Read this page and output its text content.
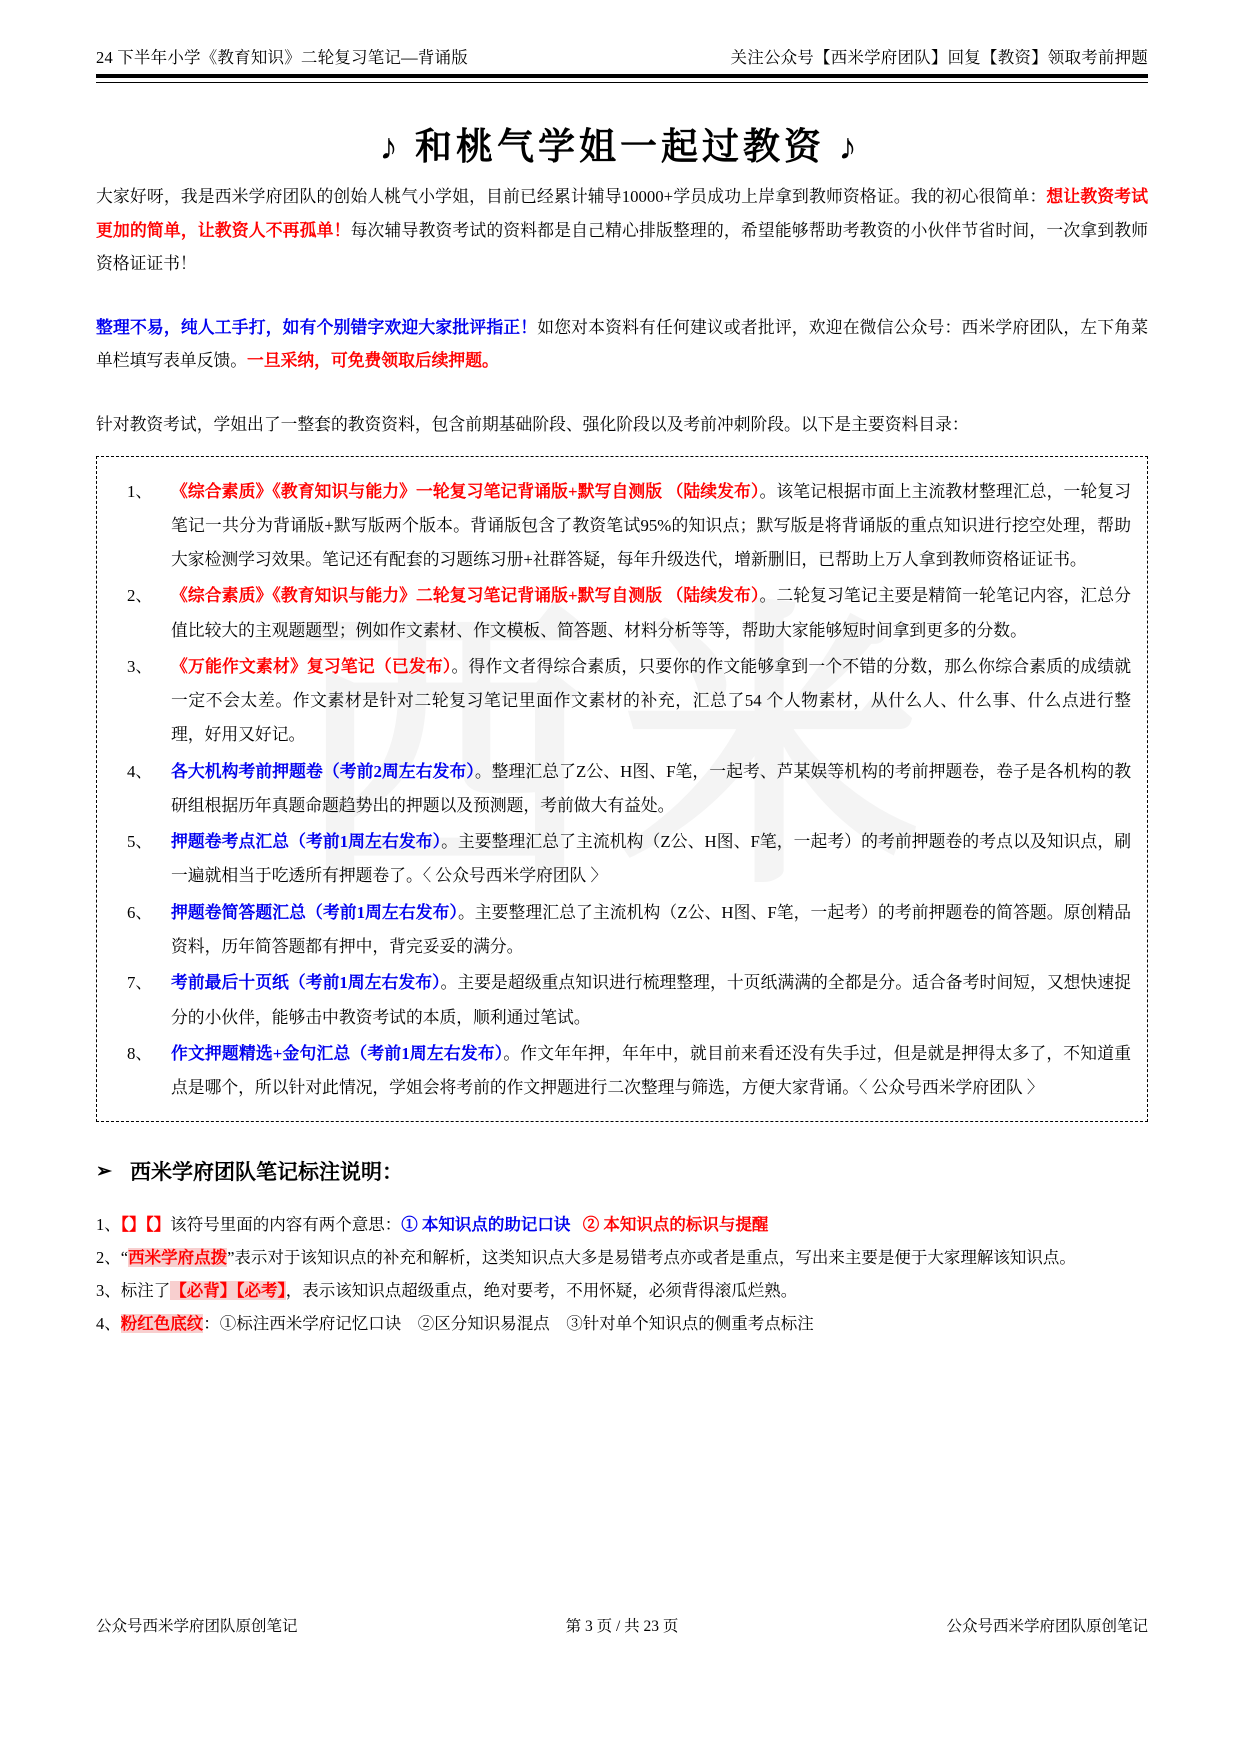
24 下半年小学《教育知识》二轮复习笔记—背诵版	关注公众号【西米学府团队】回复【教资】领取考前押题
♪ 和桃气学姐一起过教资 ♪

大家好呀，我是西米学府团队的创始人桃气小学姐，目前已经累计辅导10000+学员成功上岸拿到教师资格证。我的初心很简单：想让教资考试更加的简单，让教资人不再孤单！每次辅导教资考试的资料都是自己精心排版整理的，希望能够帮助考教资的小伙伴节省时间，一次拿到教师资格证证书！

整理不易，纯人工手打，如有个别错字欢迎大家批评指正！如您对本资料有任何建议或者批评，欢迎在微信公众号：西米学府团队，左下角菜单栏填写表单反馈。一旦采纳，可免费领取后续押题。

针对教资考试，学姐出了一整套的教资资料，包含前期基础阶段、强化阶段以及考前冲刺阶段。以下是主要资料目录：

1、	《综合素质》《教育知识与能力》一轮复习笔记背诵版+默写自测版 （陆续发布）。该笔记根据市面上主流教材整理汇总，一轮复习笔记一共分为背诵版+默写版两个版本。背诵版包含了教资笔试95%的知识点；默写版是将背诵版的重点知识进行挖空处理，帮助大家检测学习效果。笔记还有配套的习题练习册+社群答疑，每年升级迭代，增新删旧，已帮助上万人拿到教师资格证证书。
2、	《综合素质》《教育知识与能力》二轮复习笔记背诵版+默写自测版 （陆续发布）。二轮复习笔记主要是精简一轮笔记内容，汇总分值比较大的主观题题型；例如作文素材、作文模板、简答题、材料分析等等，帮助大家能够短时间拿到更多的分数。
3、	《万能作文素材》复习笔记（已发布）。得作文者得综合素质，只要你的作文能够拿到一个不错的分数，那么你综合素质的成绩就一定不会太差。作文素材是针对二轮复习笔记里面作文素材的补充，汇总了54 个人物素材，从什么人、什么事、什么点进行整理，好用又好记。
4、	各大机构考前押题卷（考前2周左右发布）。整理汇总了Z公、H图、F笔，一起考、芦某娱等机构的考前押题卷，卷子是各机构的教研组根据历年真题命题趋势出的押题以及预测题，考前做大有益处。
5、	押题卷考点汇总（考前1周左右发布）。主要整理汇总了主流机构（Z公、H图、F笔，一起考）的考前押题卷的考点以及知识点，刷一遍就相当于吃透所有押题卷了。〈 公众号西米学府团队 〉
6、	押题卷简答题汇总（考前1周左右发布）。主要整理汇总了主流机构（Z公、H图、F笔，一起考）的考前押题卷的简答题。原创精品资料，历年简答题都有押中，背完妥妥的满分。
7、	考前最后十页纸（考前1周左右发布）。主要是超级重点知识进行梳理整理，十页纸满满的全都是分。适合备考时间短，又想快速捉分的小伙伴，能够击中教资考试的本质，顺利通过笔试。
8、	作文押题精选+金句汇总（考前1周左右发布）。作文年年押，年年中，就目前来看还没有失手过，但是就是押得太多了，不知道重点是哪个，所以针对此情况，学姐会将考前的作文押题进行二次整理与筛选，方便大家背诵。〈 公众号西米学府团队 〉
➢ 西米学府团队笔记标注说明：

1、【】【】该符号里面的内容有两个意思：① 本知识点的助记口诀 ② 本知识点的标识与提醒

2、“西米学府点拨”表示对于该知识点的补充和解析，这类知识点大多是易错考点亦或者是重点，写出来主要是便于大家理解该知识点。

3、标注了【必背】【必考】，表示该知识点超级重点，绝对要考，不用怀疑，必须背得滚瓜烂熟。

4、粉红色底纹：①标注西米学府记忆口诀　②区分知识易混点　③针对单个知识点的侧重考点标注

公众号西米学府团队原创笔记	第 3 页 / 共 23 页	公众号西米学府团队原创笔记
